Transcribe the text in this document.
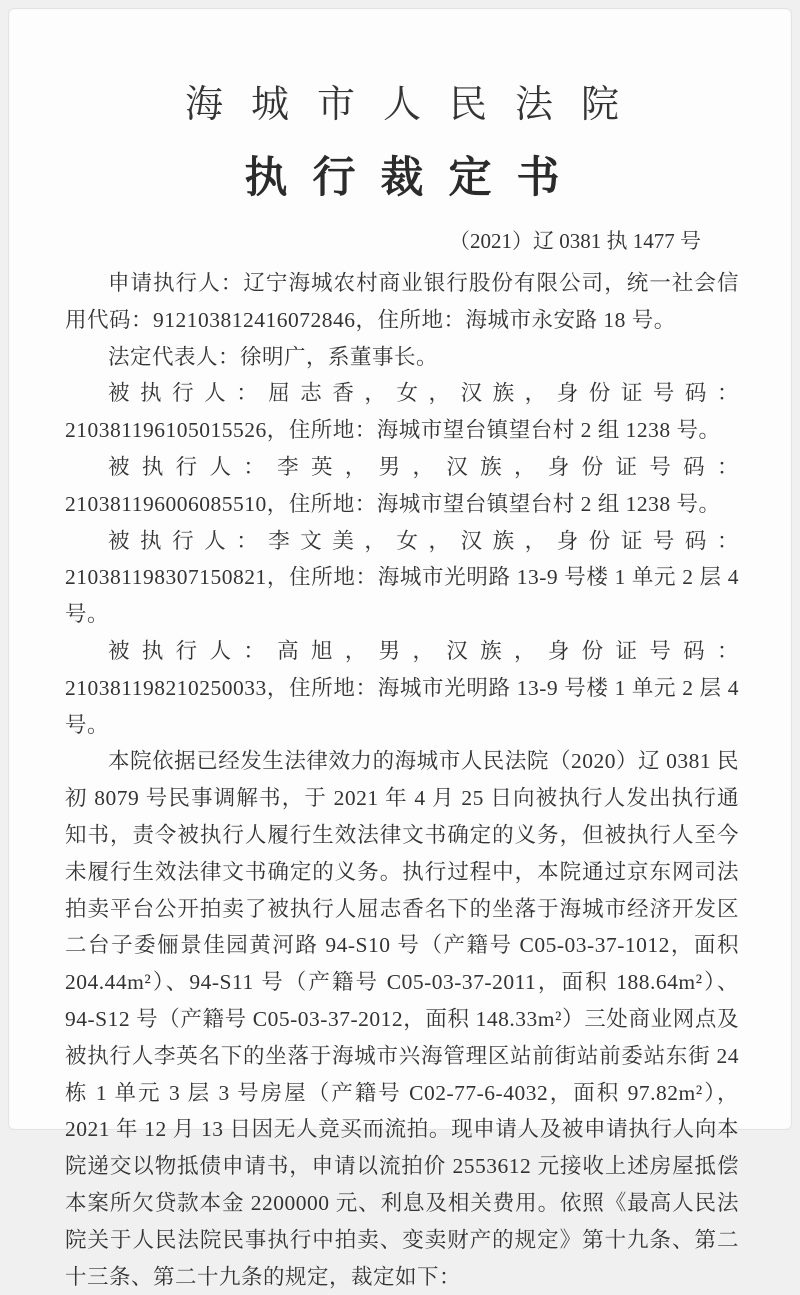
海城市人民法院
执行裁定书
（2021）辽 0381 执 1477 号

申请执行人：辽宁海城农村商业银行股份有限公司，统一社会信用代码：912103812416072846，住所地：海城市永安路 18 号。

法定代表人：徐明广，系董事长。

被执行人：屈志香，女，汉族，身份证号码：210381196105015526，住所地：海城市望台镇望台村 2 组 1238 号。

被执行人：李英，男，汉族，身份证号码：210381196006085510，住所地：海城市望台镇望台村 2 组 1238 号。

被执行人：李文美，女，汉族，身份证号码：210381198307150821，住所地：海城市光明路 13-9 号楼 1 单元 2 层 4 号。

被执行人：高旭，男，汉族，身份证号码：210381198210250033，住所地：海城市光明路 13-9 号楼 1 单元 2 层 4 号。

本院依据已经发生法律效力的海城市人民法院（2020）辽 0381 民初 8079 号民事调解书，于 2021 年 4 月 25 日向被执行人发出执行通知书，责令被执行人履行生效法律文书确定的义务，但被执行人至今未履行生效法律文书确定的义务。执行过程中，本院通过京东网司法拍卖平台公开拍卖了被执行人屈志香名下的坐落于海城市经济开发区二台子委俪景佳园黄河路 94-S10 号（产籍号 C05-03-37-1012，面积 204.44m²）、94-S11 号（产籍号 C05-03-37-2011，面积 188.64m²）、94-S12 号（产籍号 C05-03-37-2012，面积 148.33m²）三处商业网点及被执行人李英名下的坐落于海城市兴海管理区站前街站前委站东街 24 栋 1 单元 3 层 3 号房屋（产籍号 C02-77-6-4032，面积 97.82m²），2021 年 12 月 13 日因无人竞买而流拍。现申请人及被申请执行人向本院递交以物抵债申请书，申请以流拍价 2553612 元接收上述房屋抵偿本案所欠贷款本金 2200000 元、利息及相关费用。依照《最高人民法院关于人民法院民事执行中拍卖、变卖财产的规定》第十九条、第二十三条、第二十九条的规定，裁定如下：
